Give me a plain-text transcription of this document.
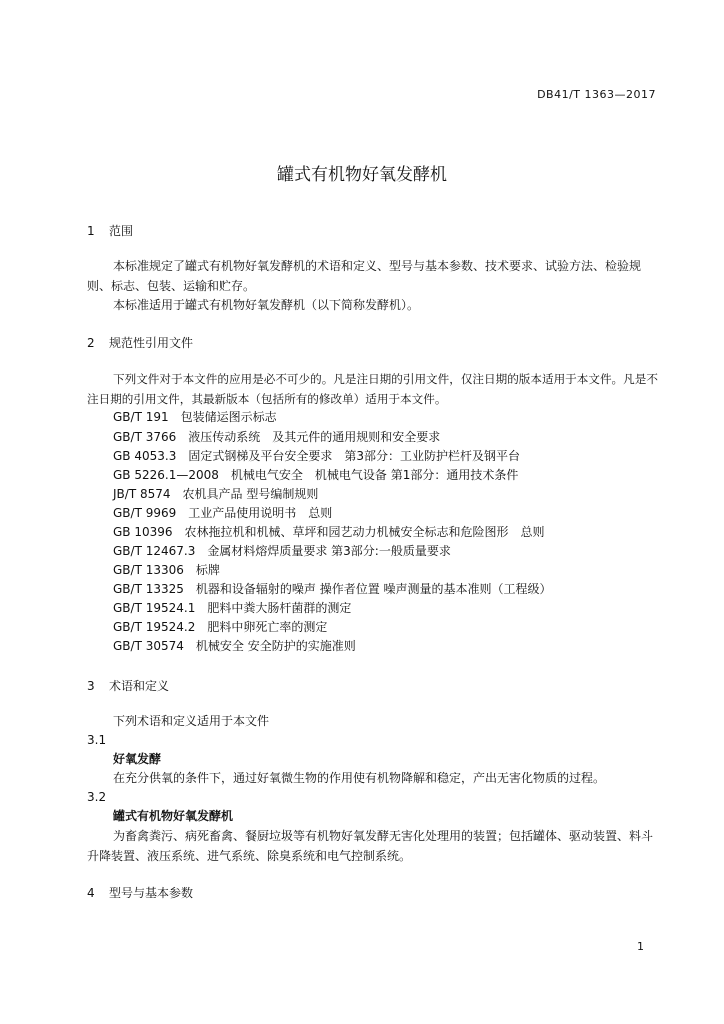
DB41/T 1363—2017
罐式有机物好氧发酵机
1 范围
本标准规定了罐式有机物好氧发酵机的术语和定义、型号与基本参数、技术要求、试验方法、检验规则、标志、包装、运输和贮存。
本标准适用于罐式有机物好氧发酵机（以下简称发酵机）。
2 规范性引用文件
下列文件对于本文件的应用是必不可少的。凡是注日期的引用文件，仅注日期的版本适用于本文件。凡是不注日期的引用文件，其最新版本（包括所有的修改单）适用于本文件。
GB/T 191　包装储运图示标志
GB/T 3766　液压传动系统　及其元件的通用规则和安全要求
GB 4053.3　固定式钢梯及平台安全要求　第3部分：工业防护栏杆及钢平台
GB 5226.1—2008　机械电气安全　机械电气设备 第1部分：通用技术条件
JB/T 8574　农机具产品 型号编制规则
GB/T 9969　工业产品使用说明书　总则
GB 10396　农林拖拉机和机械、草坪和园艺动力机械安全标志和危险图形　总则
GB/T 12467.3　金属材料熔焊质量要求 第3部分:一般质量要求
GB/T 13306　标牌
GB/T 13325　机器和设备辐射的噪声 操作者位置 噪声测量的基本准则（工程级）
GB/T 19524.1　肥料中粪大肠杆菌群的测定
GB/T 19524.2　肥料中卵死亡率的测定
GB/T 30574　机械安全 安全防护的实施准则
3 术语和定义
下列术语和定义适用于本文件
3.1
好氧发酵
在充分供氧的条件下，通过好氧微生物的作用使有机物降解和稳定，产出无害化物质的过程。
3.2
罐式有机物好氧发酵机
为畜禽粪污、病死畜禽、餐厨垃圾等有机物好氧发酵无害化处理用的装置；包括罐体、驱动装置、料斗升降装置、液压系统、进气系统、除臭系统和电气控制系统。
4 型号与基本参数
1
